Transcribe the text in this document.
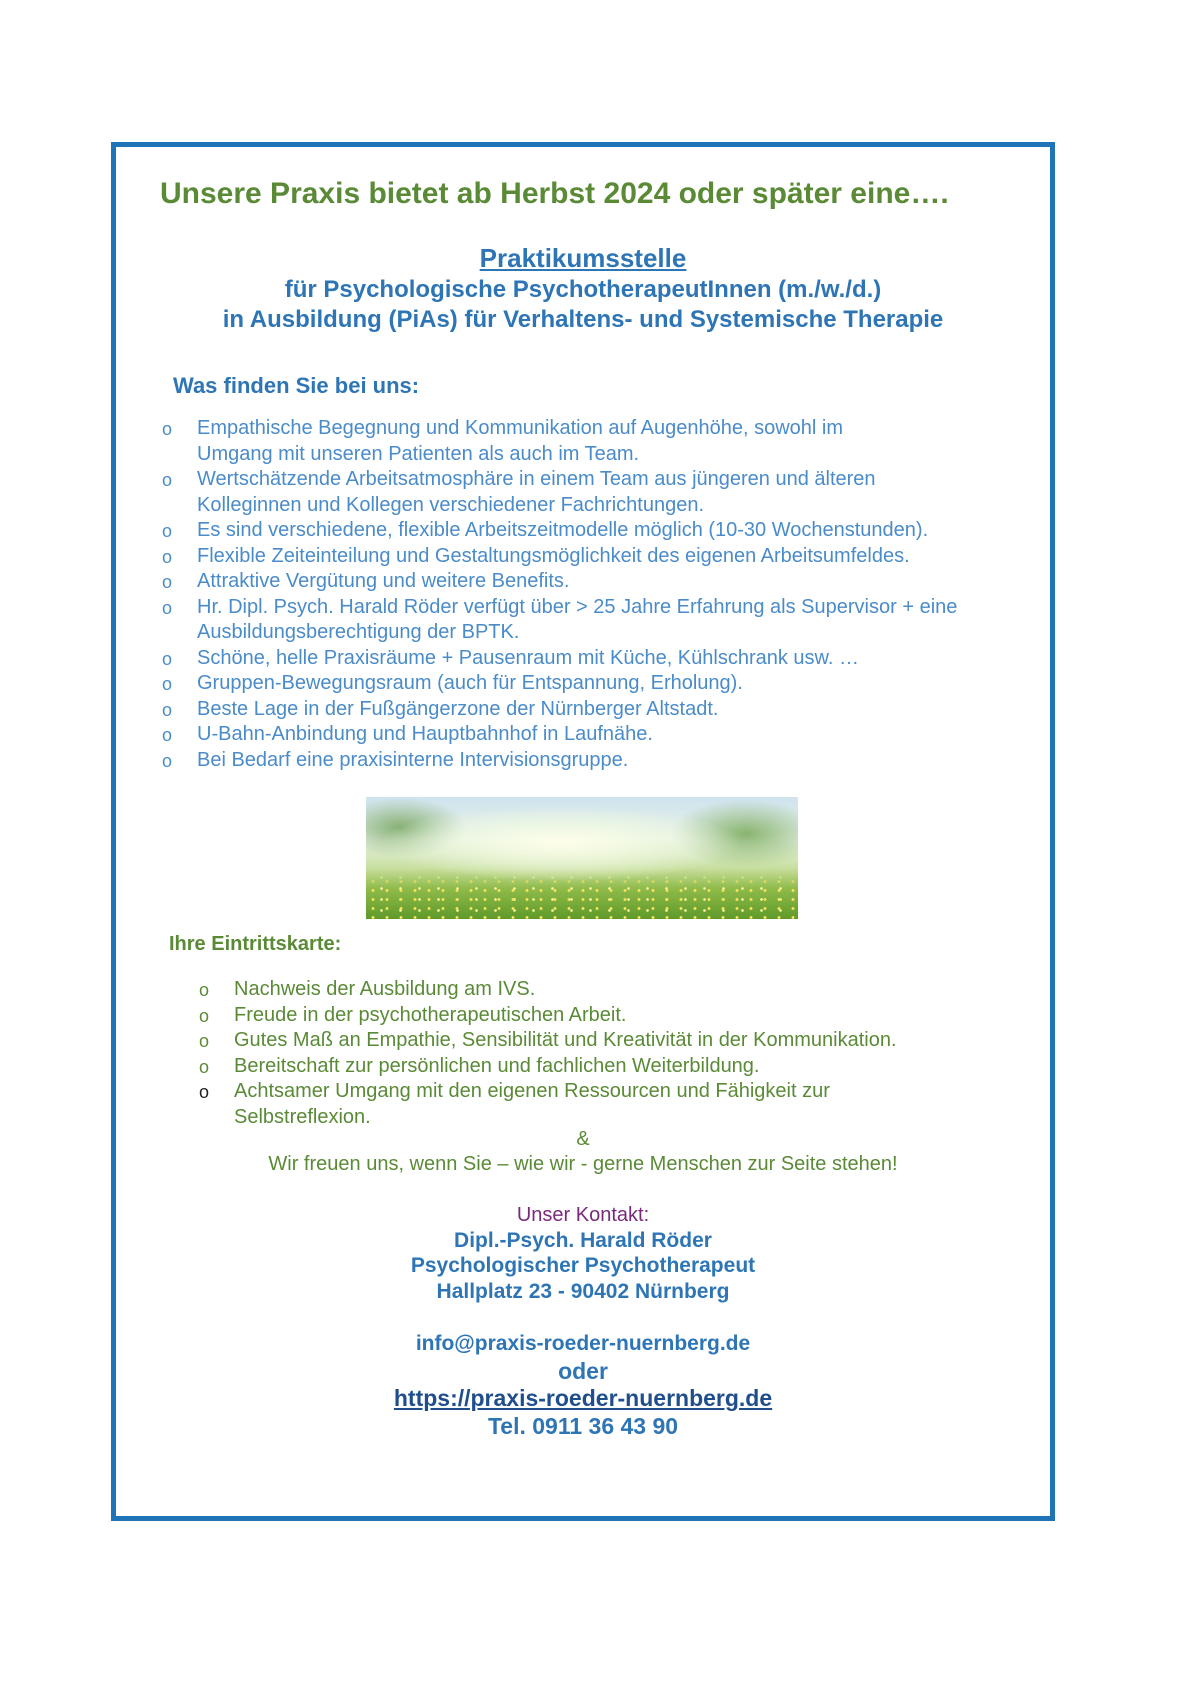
Unsere Praxis bietet ab Herbst 2024 oder später eine….
Praktikumsstelle
für Psychologische PsychotherapeutInnen (m./w./d.)
in Ausbildung (PiAs) für Verhaltens- und Systemische Therapie
Was finden Sie bei uns:
o Empathische Begegnung und Kommunikation auf Augenhöhe, sowohl im
Umgang mit unseren Patienten als auch im Team.
o Wertschätzende Arbeitsatmosphäre in einem Team aus jüngeren und älteren
Kolleginnen und Kollegen verschiedener Fachrichtungen.
o Es sind verschiedene, flexible Arbeitszeitmodelle möglich (10-30 Wochenstunden).
o Flexible Zeiteinteilung und Gestaltungsmöglichkeit des eigenen Arbeitsumfeldes.
o Attraktive Vergütung und weitere Benefits.
o Hr. Dipl. Psych. Harald Röder verfügt über > 25 Jahre Erfahrung als Supervisor + eine
Ausbildungsberechtigung der BPTK.
o Schöne, helle Praxisräume + Pausenraum mit Küche, Kühlschrank usw. …
o Gruppen-Bewegungsraum (auch für Entspannung, Erholung).
o Beste Lage in der Fußgängerzone der Nürnberger Altstadt.
o U-Bahn-Anbindung und Hauptbahnhof in Laufnähe.
o Bei Bedarf eine praxisinterne Intervisionsgruppe.
Ihre Eintrittskarte:
o Nachweis der Ausbildung am IVS.
o Freude in der psychotherapeutischen Arbeit.
o Gutes Maß an Empathie, Sensibilität und Kreativität in der Kommunikation.
o Bereitschaft zur persönlichen und fachlichen Weiterbildung.
o Achtsamer Umgang mit den eigenen Ressourcen und Fähigkeit zur
Selbstreflexion.
&
Wir freuen uns, wenn Sie – wie wir - gerne Menschen zur Seite stehen!
Unser Kontakt:
Dipl.-Psych. Harald Röder
Psychologischer Psychotherapeut
Hallplatz 23 - 90402 Nürnberg
info@praxis-roeder-nuernberg.de
oder
https://praxis-roeder-nuernberg.de
Tel. 0911 36 43 90
